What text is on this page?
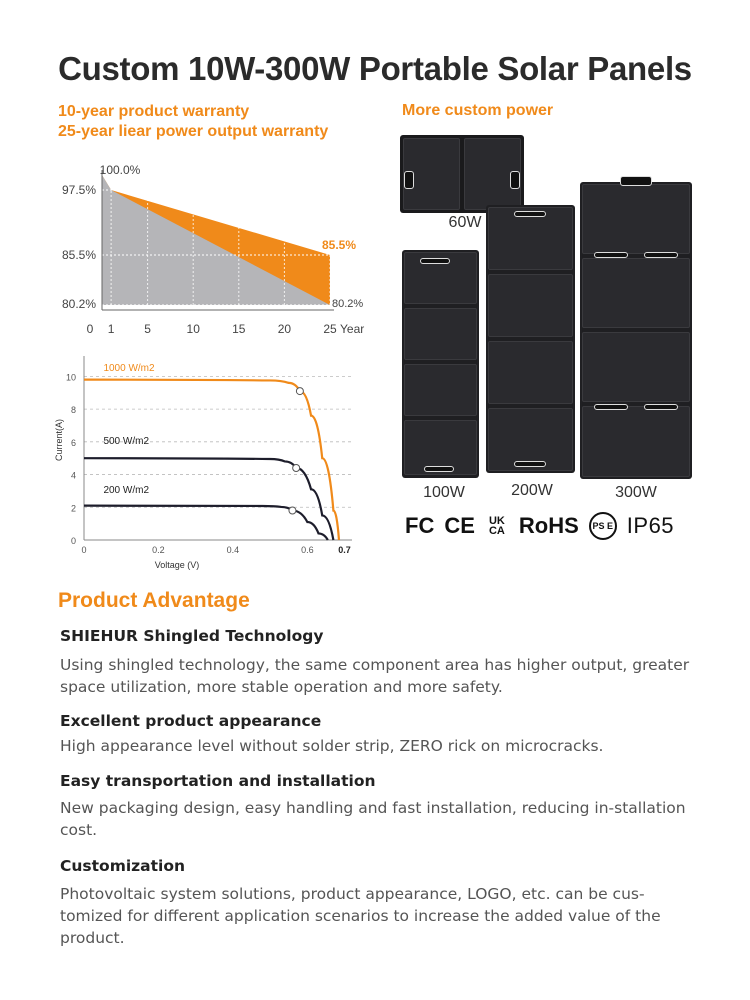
Custom 10W-300W Portable Solar Panels
10-year product warranty
25-year liear power output warranty
More custom power
100.0%
97.5%
85.5%
80.2%
0 1 5	10	15	20	25 Year
85.5%
80.2%
0
2
4
6
8
10
0	0.2	0.4	0.6	0.7
Voltage (V)
Current(A)
1000 W/m2
500 W/m2
200 W/m2
60W
100W	200W	300W
FC CE	UK
CA RoHS	PS E IP65
Product Advantage
SHIEHUR Shingled Technology
Using shingled technology, the same component area has higher output, greater space utilization, more stable operation and more safety.
Excellent product appearance
High appearance level without solder strip, ZERO rick on microcracks.
Easy transportation and installation
New packaging design, easy handling and fast installation, reducing in-stallation cost.
Customization
Photovoltaic system solutions, product appearance, LOGO, etc. can be cus-tomized for different application scenarios to increase the added value of the product.
